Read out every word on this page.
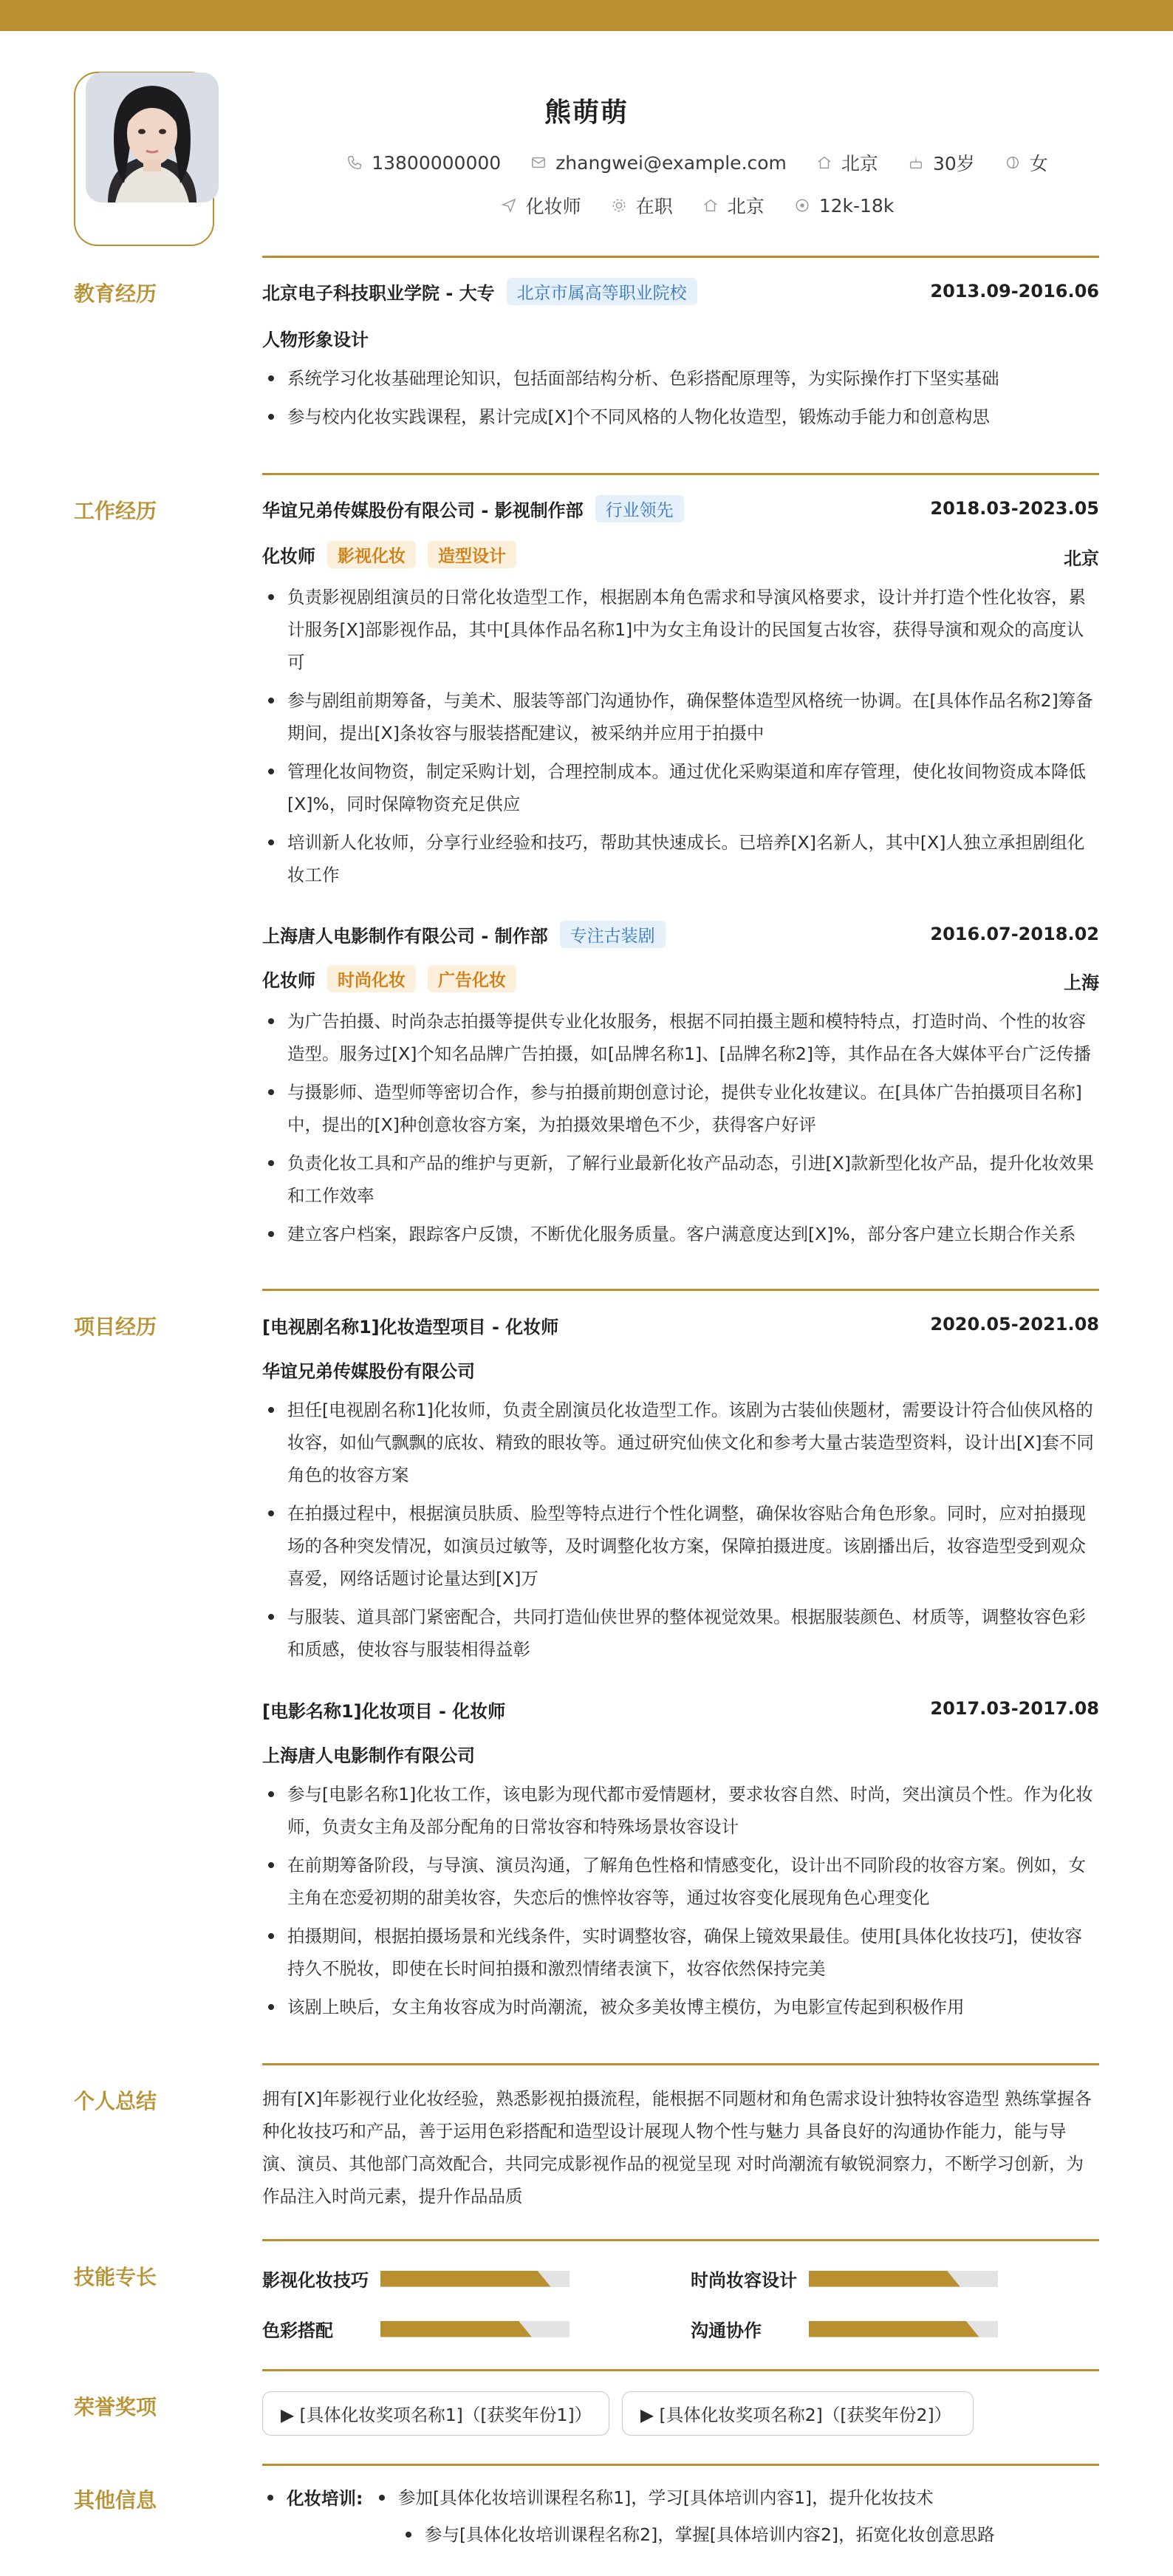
熊萌萌
13800000000	zhangwei@example.com	北京	30岁	女
化妆师	在职	北京	12k-18k
教育经历	北京电子科技职业学院 - 大专	北京市属高等职业院校	2013.09-2016.06
人物形象设计
系统学习化妆基础理论知识，包括面部结构分析、色彩搭配原理等，为实际操作打下坚实基础
参与校内化妆实践课程，累计完成[X]个不同风格的人物化妆造型，锻炼动手能力和创意构思
工作经历	华谊兄弟传媒股份有限公司 - 影视制作部	行业领先	2018.03-2023.05
化妆师	影视化妆	造型设计	北京
负责影视剧组演员的日常化妆造型工作，根据剧本角色需求和导演风格要求，设计并打造个性化妆容，累计服务[X]部影视作品，其中[具体作品名称1]中为女主角设计的民国复古妆容，获得导演和观众的高度认可
参与剧组前期筹备，与美术、服装等部门沟通协作，确保整体造型风格统一协调。在[具体作品名称2]筹备期间，提出[X]条妆容与服装搭配建议，被采纳并应用于拍摄中
管理化妆间物资，制定采购计划，合理控制成本。通过优化采购渠道和库存管理，使化妆间物资成本降低[X]%，同时保障物资充足供应
培训新人化妆师，分享行业经验和技巧，帮助其快速成长。已培养[X]名新人，其中[X]人独立承担剧组化妆工作
上海唐人电影制作有限公司 - 制作部	专注古装剧	2016.07-2018.02
化妆师	时尚化妆	广告化妆	上海
为广告拍摄、时尚杂志拍摄等提供专业化妆服务，根据不同拍摄主题和模特特点，打造时尚、个性的妆容造型。服务过[X]个知名品牌广告拍摄，如[品牌名称1]、[品牌名称2]等，其作品在各大媒体平台广泛传播
与摄影师、造型师等密切合作，参与拍摄前期创意讨论，提供专业化妆建议。在[具体广告拍摄项目名称]中，提出的[X]种创意妆容方案，为拍摄效果增色不少，获得客户好评
负责化妆工具和产品的维护与更新，了解行业最新化妆产品动态，引进[X]款新型化妆产品，提升化妆效果和工作效率
建立客户档案，跟踪客户反馈，不断优化服务质量。客户满意度达到[X]%，部分客户建立长期合作关系
项目经历	[电视剧名称1]化妆造型项目 - 化妆师	2020.05-2021.08
华谊兄弟传媒股份有限公司
担任[电视剧名称1]化妆师，负责全剧演员化妆造型工作。该剧为古装仙侠题材，需要设计符合仙侠风格的妆容，如仙气飘飘的底妆、精致的眼妆等。通过研究仙侠文化和参考大量古装造型资料，设计出[X]套不同角色的妆容方案
在拍摄过程中，根据演员肤质、脸型等特点进行个性化调整，确保妆容贴合角色形象。同时，应对拍摄现场的各种突发情况，如演员过敏等，及时调整化妆方案，保障拍摄进度。该剧播出后，妆容造型受到观众喜爱，网络话题讨论量达到[X]万
与服装、道具部门紧密配合，共同打造仙侠世界的整体视觉效果。根据服装颜色、材质等，调整妆容色彩和质感，使妆容与服装相得益彰
[电影名称1]化妆项目 - 化妆师	2017.03-2017.08
上海唐人电影制作有限公司
参与[电影名称1]化妆工作，该电影为现代都市爱情题材，要求妆容自然、时尚，突出演员个性。作为化妆师，负责女主角及部分配角的日常妆容和特殊场景妆容设计
在前期筹备阶段，与导演、演员沟通，了解角色性格和情感变化，设计出不同阶段的妆容方案。例如，女主角在恋爱初期的甜美妆容，失恋后的憔悴妆容等，通过妆容变化展现角色心理变化
拍摄期间，根据拍摄场景和光线条件，实时调整妆容，确保上镜效果最佳。使用[具体化妆技巧]，使妆容持久不脱妆，即使在长时间拍摄和激烈情绪表演下，妆容依然保持完美
该剧上映后，女主角妆容成为时尚潮流，被众多美妆博主模仿，为电影宣传起到积极作用
个人总结	拥有[X]年影视行业化妆经验，熟悉影视拍摄流程，能根据不同题材和角色需求设计独特妆容造型 熟练掌握各种化妆技巧和产品，善于运用色彩搭配和造型设计展现人物个性与魅力 具备良好的沟通协作能力，能与导演、演员、其他部门高效配合，共同完成影视作品的视觉呈现 对时尚潮流有敏锐洞察力，不断学习创新，为作品注入时尚元素，提升作品品质
技能专长	影视化妆技巧	时尚妆容设计
色彩搭配	沟通协作
荣誉奖项	▶ [具体化妆奖项名称1]（[获奖年份1]）	▶ [具体化妆奖项名称2]（[获奖年份2]）
其他信息	化妆培训:	参加[具体化妆培训课程名称1]，学习[具体培训内容1]，提升化妆技术
参与[具体化妆培训课程名称2]，掌握[具体培训内容2]，拓宽化妆创意思路
